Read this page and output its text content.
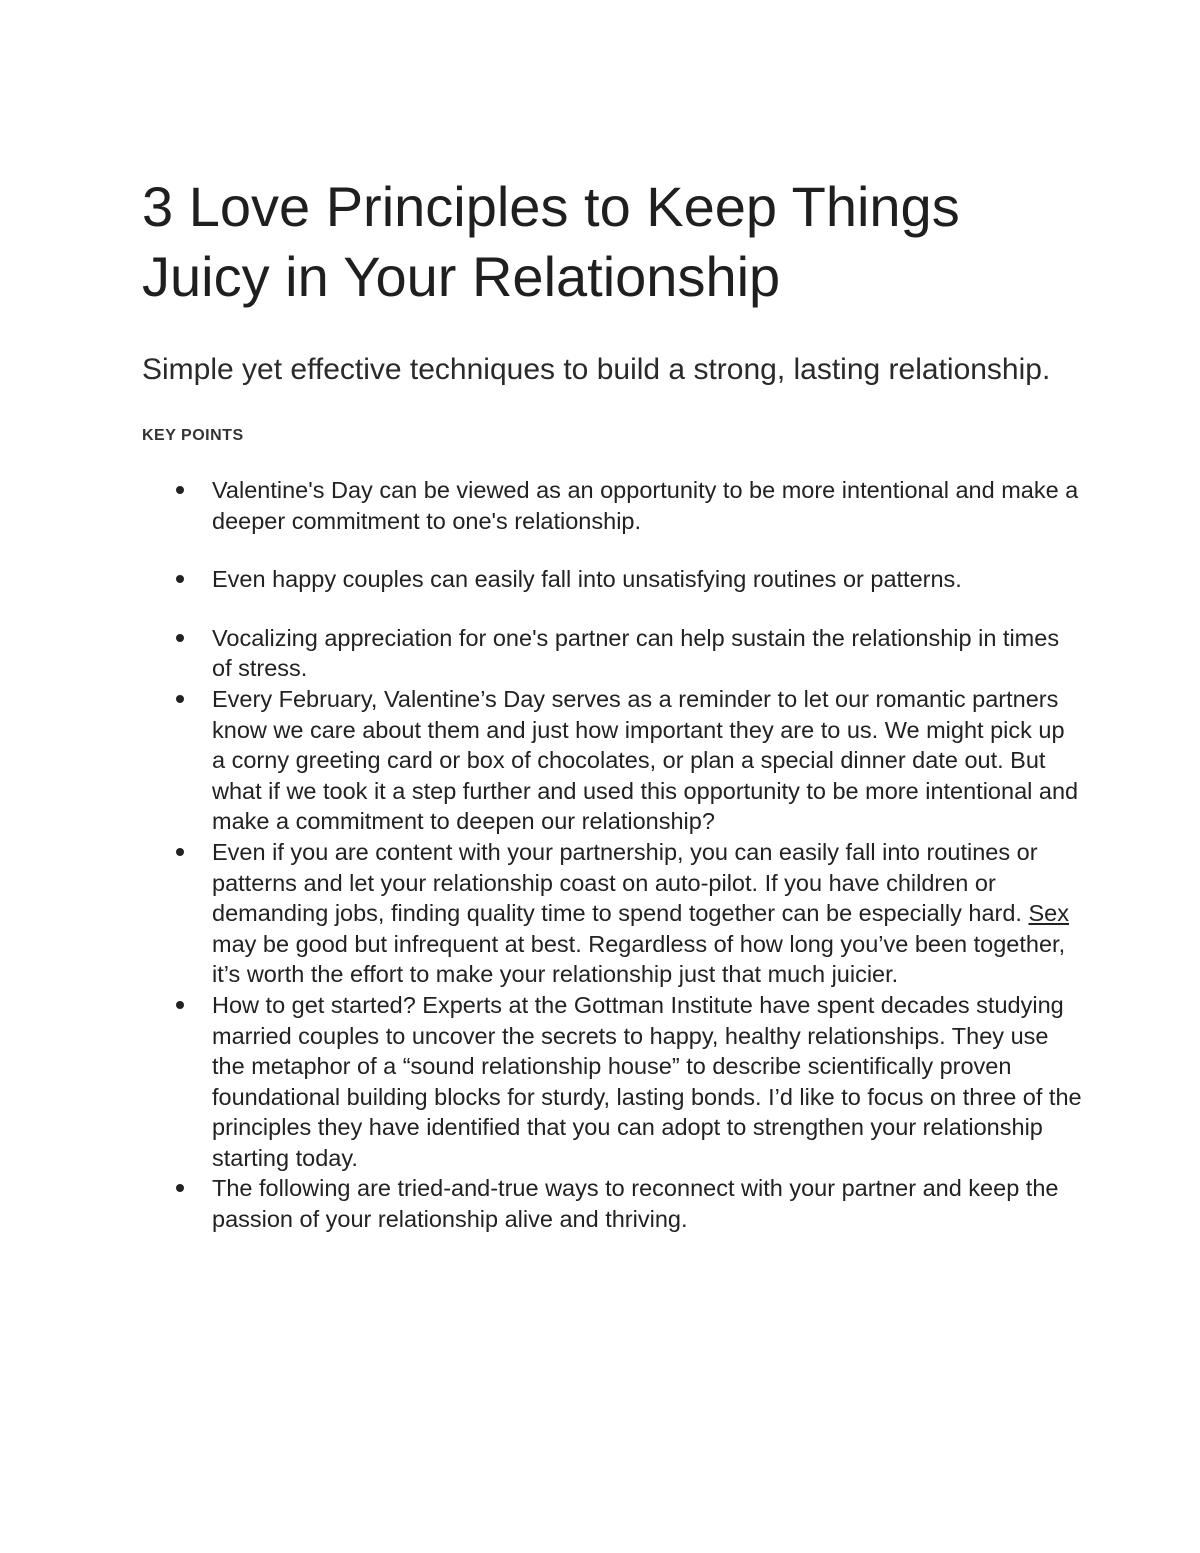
3 Love Principles to Keep Things
Juicy in Your Relationship

Simple yet effective techniques to build a strong, lasting relationship.

KEY POINTS

Valentine's Day can be viewed as an opportunity to be more intentional and make a deeper commitment to one's relationship.
Even happy couples can easily fall into unsatisfying routines or patterns.
Vocalizing appreciation for one's partner can help sustain the relationship in times of stress.
Every February, Valentine’s Day serves as a reminder to let our romantic partners know we care about them and just how important they are to us. We might pick up a corny greeting card or box of chocolates, or plan a special dinner date out. But what if we took it a step further and used this opportunity to be more intentional and make a commitment to deepen our relationship?
Even if you are content with your partnership, you can easily fall into routines or patterns and let your relationship coast on auto-pilot. If you have children or demanding jobs, finding quality time to spend together can be especially hard. Sex may be good but infrequent at best. Regardless of how long you’ve been together, it’s worth the effort to make your relationship just that much juicier.
How to get started? Experts at the Gottman Institute have spent decades studying married couples to uncover the secrets to happy, healthy relationships. They use the metaphor of a “sound relationship house” to describe scientifically proven foundational building blocks for sturdy, lasting bonds. I’d like to focus on three of the principles they have identified that you can adopt to strengthen your relationship starting today.
The following are tried-and-true ways to reconnect with your partner and keep the passion of your relationship alive and thriving.
